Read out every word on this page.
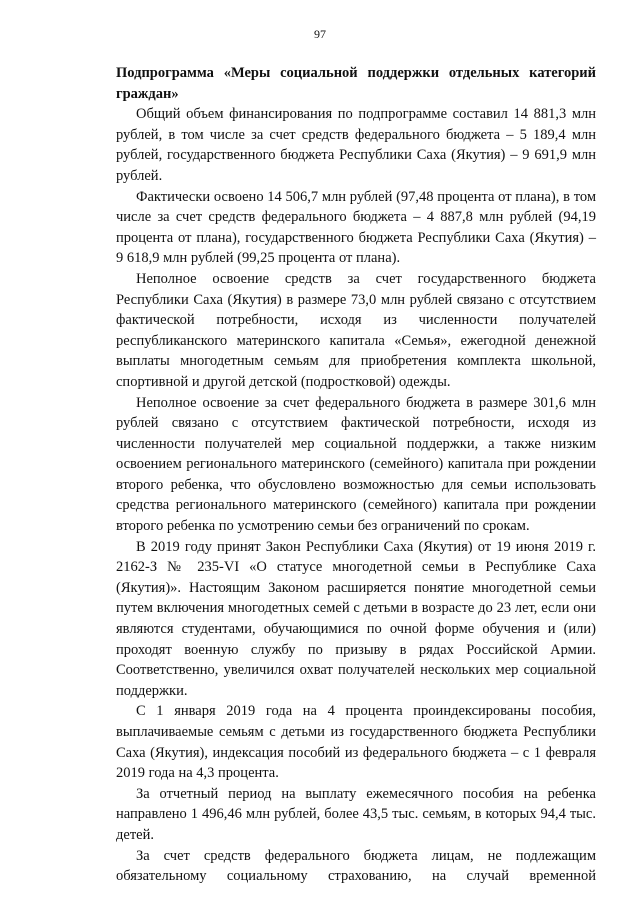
97

Подпрограмма «Меры социальной поддержки отдельных категорий граждан»

Общий объем финансирования по подпрограмме составил 14 881,3 млн рублей, в том числе за счет средств федерального бюджета – 5 189,4 млн рублей, государственного бюджета Республики Саха (Якутия) – 9 691,9 млн рублей.

Фактически освоено 14 506,7 млн рублей (97,48 процента от плана), в том числе за счет средств федерального бюджета – 4 887,8 млн рублей (94,19 процента от плана), государственного бюджета Республики Саха (Якутия) – 9 618,9 млн рублей (99,25 процента от плана).

Неполное освоение средств за счет государственного бюджета Республики Саха (Якутия) в размере 73,0 млн рублей связано с отсутствием фактической потребности, исходя из численности получателей республиканского материнского капитала «Семья», ежегодной денежной выплаты многодетным семьям для приобретения комплекта школьной, спортивной и другой детской (подростковой) одежды.

Неполное освоение за счет федерального бюджета в размере 301,6 млн рублей связано с отсутствием фактической потребности, исходя из численности получателей мер социальной поддержки, а также низким освоением регионального материнского (семейного) капитала при рождении второго ребенка, что обусловлено возможностью для семьи использовать средства регионального материнского (семейного) капитала при рождении второго ребенка по усмотрению семьи без ограничений по срокам.

В 2019 году принят Закон Республики Саха (Якутия) от 19 июня 2019 г. 2162-З № 235-VI «О статусе многодетной семьи в Республике Саха (Якутия)». Настоящим Законом расширяется понятие многодетной семьи путем включения многодетных семей с детьми в возрасте до 23 лет, если они являются студентами, обучающимися по очной форме обучения и (или) проходят военную службу по призыву в рядах Российской Армии. Соответственно, увеличился охват получателей нескольких мер социальной поддержки.

С 1 января 2019 года на 4 процента проиндексированы пособия, выплачиваемые семьям с детьми из государственного бюджета Республики Саха (Якутия), индексация пособий из федерального бюджета – с 1 февраля 2019 года на 4,3 процента.

За отчетный период на выплату ежемесячного пособия на ребенка направлено 1 496,46 млн рублей, более 43,5 тыс. семьям, в которых 94,4 тыс. детей.

За счет средств федерального бюджета лицам, не подлежащим обязательному социальному страхованию, на случай временной
